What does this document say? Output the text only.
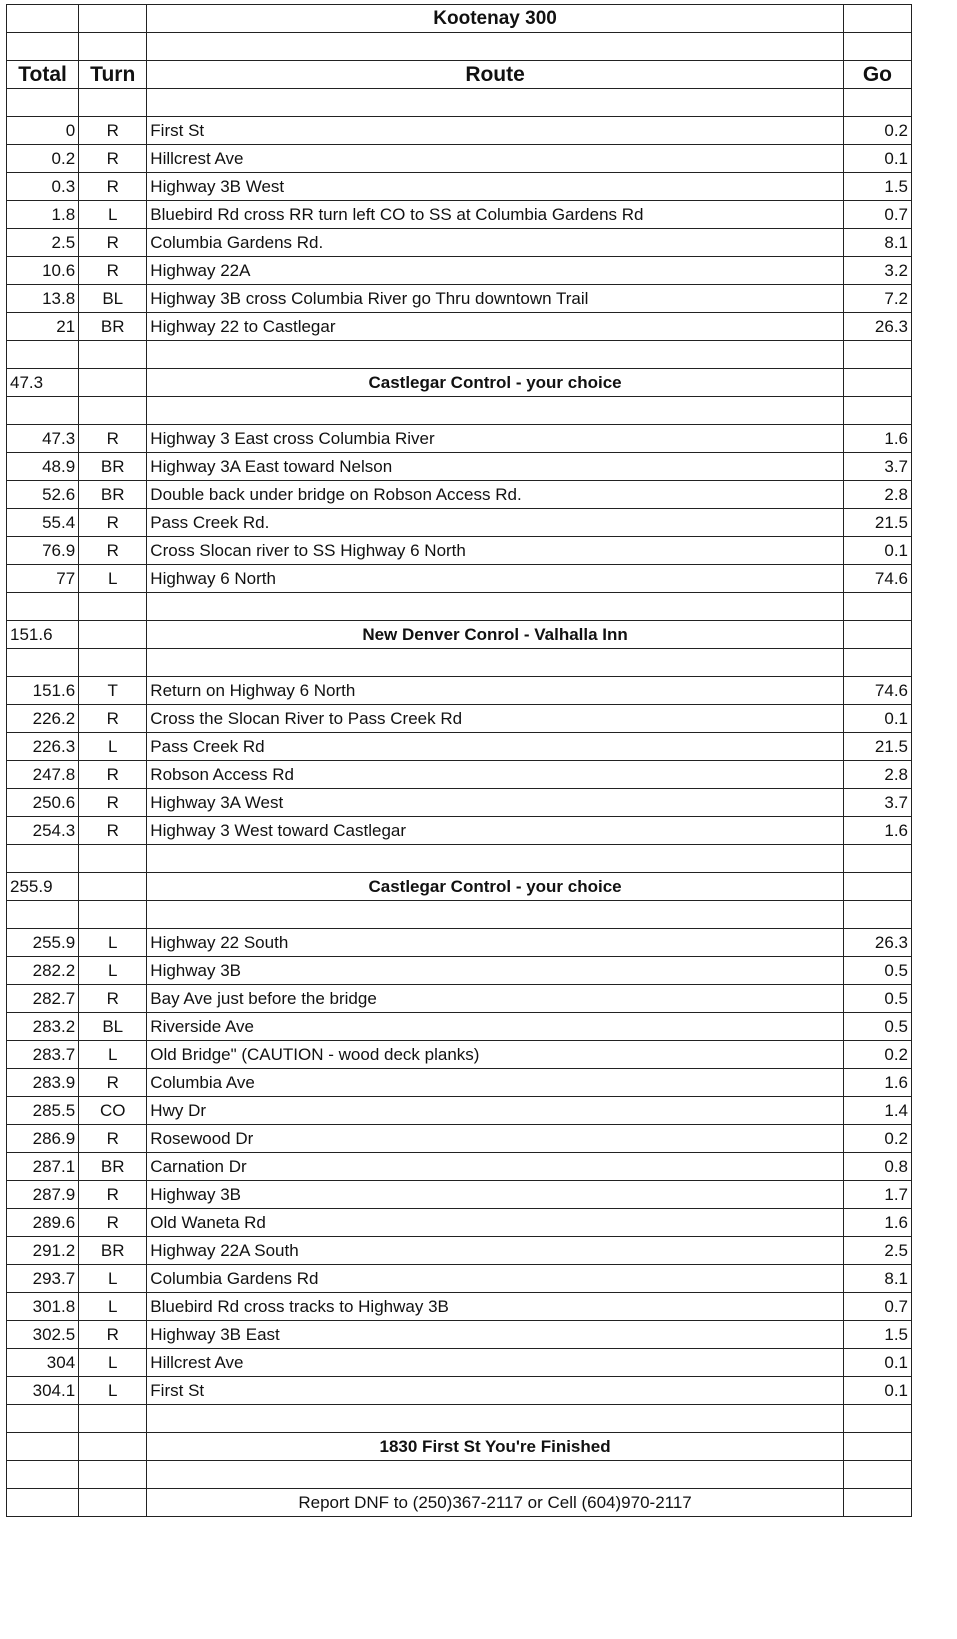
		Kootenay 300	

Total	Turn	Route	Go

0	R	First St	0.2
0.2	R	Hillcrest Ave	0.1
0.3	R	Highway 3B West	1.5
1.8	L	Bluebird Rd cross RR turn left CO to SS at Columbia Gardens Rd	0.7
2.5	R	Columbia Gardens Rd.	8.1
10.6	R	Highway 22A	3.2
13.8	BL	Highway 3B cross Columbia River go Thru downtown Trail	7.2
21	BR	Highway 22 to Castlegar	26.3

47.3		Castlegar Control - your choice	

47.3	R	Highway 3 East cross Columbia River	1.6
48.9	BR	Highway 3A East toward Nelson	3.7
52.6	BR	Double back under bridge on Robson Access Rd.	2.8
55.4	R	Pass Creek Rd.	21.5
76.9	R	Cross Slocan river to SS Highway 6 North	0.1
77	L	Highway 6 North	74.6

151.6		New Denver Conrol - Valhalla Inn	

151.6	T	Return on Highway 6 North	74.6
226.2	R	Cross the Slocan River to Pass Creek Rd	0.1
226.3	L	Pass Creek Rd	21.5
247.8	R	Robson Access Rd	2.8
250.6	R	Highway 3A West	3.7
254.3	R	Highway 3 West toward Castlegar	1.6

255.9		Castlegar Control - your choice	

255.9	L	Highway 22 South	26.3
282.2	L	Highway 3B	0.5
282.7	R	Bay Ave just before the bridge	0.5
283.2	BL	Riverside Ave	0.5
283.7	L	Old Bridge" (CAUTION - wood deck planks)	0.2
283.9	R	Columbia Ave	1.6
285.5	CO	Hwy Dr	1.4
286.9	R	Rosewood Dr	0.2
287.1	BR	Carnation Dr	0.8
287.9	R	Highway 3B	1.7
289.6	R	Old Waneta Rd	1.6
291.2	BR	Highway 22A South	2.5
293.7	L	Columbia Gardens Rd	8.1
301.8	L	Bluebird Rd cross tracks to Highway 3B	0.7
302.5	R	Highway 3B East	1.5
304	L	Hillcrest Ave	0.1
304.1	L	First St	0.1

		1830 First St You're Finished	

		Report DNF to (250)367-2117 or Cell (604)970-2117	
